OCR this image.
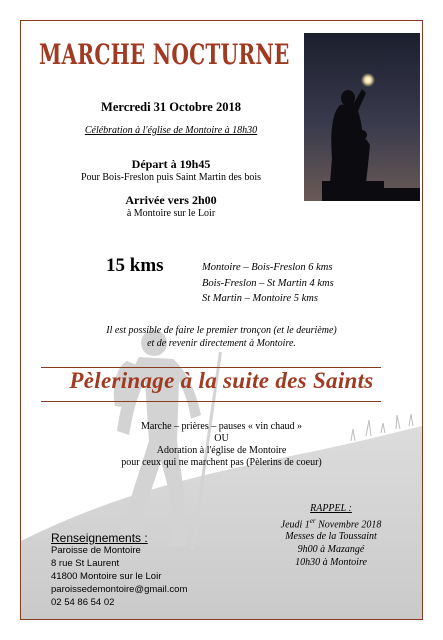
MARCHE NOCTURNE
Mercredi 31 Octobre 2018
Célébration à l'église de Montoire à 18h30
Départ à 19h45
Pour Bois-Freslon puis Saint Martin des bois
Arrivée vers 2h00
à Montoire sur le Loir
15 kms	Montoire – Bois-Freslon 6 kms
Bois-Freslon – St Martin 4 kms
St Martin – Montoire 5 kms
Il est possible de faire le premier tronçon (et le deurième)
et de revenir directement à Montoire.
Pèlerinage à la suite des Saints
Marche – prières – pauses « vin chaud »
OU
Adoration à l'église de Montoire
pour ceux qui ne marchent pas (Pèlerins de coeur)
RAPPEL :
Jeudi 1er Novembre 2018
Messes de la Toussaint
9h00 à Mazangé
10h30 à Montoire
Renseignements :
Paroisse de Montoire
8 rue St Laurent
41800 Montoire sur le Loir
paroissedemontoire@gmail.com
02 54 86 54 02
